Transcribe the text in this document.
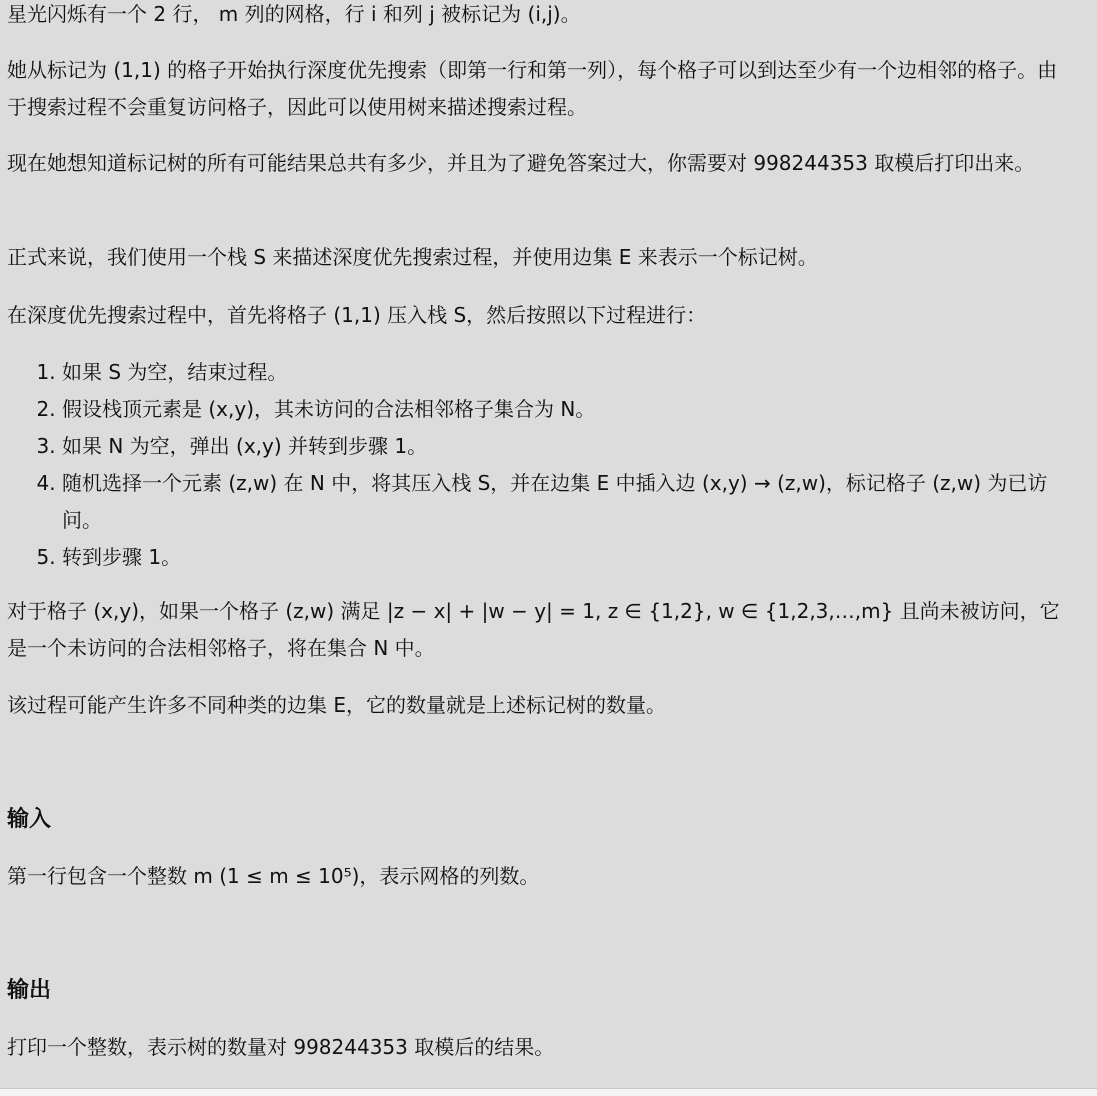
星光闪烁有一个 2 行， m 列的网格，行 i 和列 j 被标记为 (i,j)。

她从标记为 (1,1) 的格子开始执行深度优先搜索（即第一行和第一列），每个格子可以到达至少有一个边相邻的格子。由于搜索过程不会重复访问格子，因此可以使用树来描述搜索过程。

现在她想知道标记树的所有可能结果总共有多少，并且为了避免答案过大，你需要对 998244353 取模后打印出来。

正式来说，我们使用一个栈 S 来描述深度优先搜索过程，并使用边集 E 来表示一个标记树。

在深度优先搜索过程中，首先将格子 (1,1) 压入栈 S，然后按照以下过程进行：

1. 如果 S 为空，结束过程。
2. 假设栈顶元素是 (x,y)，其未访问的合法相邻格子集合为 N。
3. 如果 N 为空，弹出 (x,y) 并转到步骤 1。
4. 随机选择一个元素 (z,w) 在 N 中，将其压入栈 S，并在边集 E 中插入边 (x,y) → (z,w)，标记格子 (z,w) 为已访问。
5. 转到步骤 1。

对于格子 (x,y)，如果一个格子 (z,w) 满足 |z − x| + |w − y| = 1, z ∈ {1,2}, w ∈ {1,2,3,…,m} 且尚未被访问，它是一个未访问的合法相邻格子，将在集合 N 中。

该过程可能产生许多不同种类的边集 E，它的数量就是上述标记树的数量。

输入

第一行包含一个整数 m (1 ≤ m ≤ 10⁵)，表示网格的列数。

输出

打印一个整数，表示树的数量对 998244353 取模后的结果。
